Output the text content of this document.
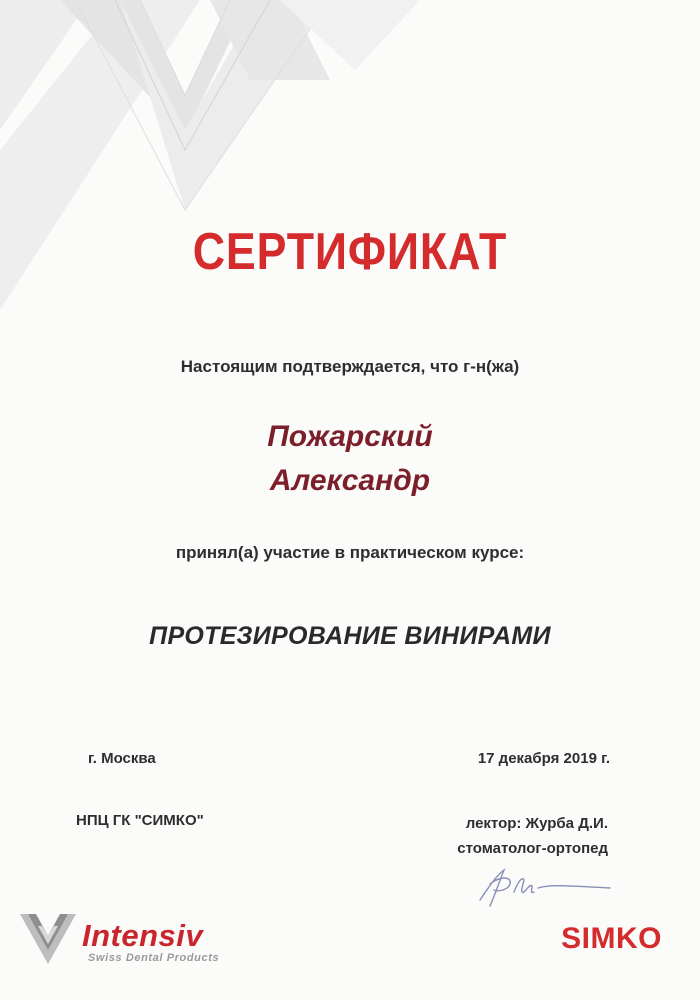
СЕРТИФИКАТ
Настоящим подтверждается, что г-н(жа)
Пожарский
Александр
принял(а) участие в практическом курсе:
ПРОТЕЗИРОВАНИЕ ВИНИРАМИ
г. Москва	17 декабря 2019 г.
НПЦ ГК "СИМКО"	лектор: Журба Д.И.
стоматолог-ортопед
Intensiv
Swiss Dental Products
SIMKO
